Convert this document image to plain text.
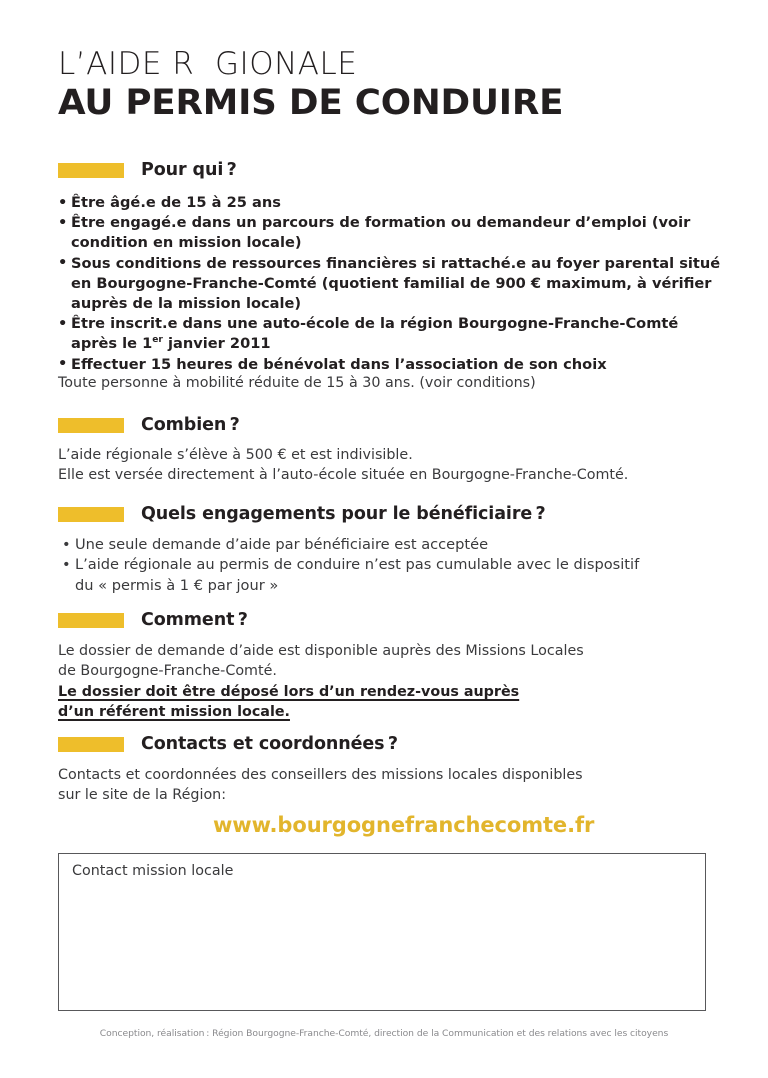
L’AIDE R  GIONALE
AU PERMIS DE CONDUIRE
Pour qui ?
• Être âgé.e de 15 à 25 ans
• Être engagé.e dans un parcours de formation ou demandeur d’emploi (voir condition en mission locale)
• Sous conditions de ressources financières si rattaché.e au foyer parental situé en Bourgogne-Franche-Comté (quotient familial de 900 € maximum, à vérifier auprès de la mission locale)
• Être inscrit.e dans une auto-école de la région Bourgogne-Franche-Comté après le 1er janvier 2011
• Effectuer 15 heures de bénévolat dans l’association de son choix
Toute personne à mobilité réduite de 15 à 30 ans. (voir conditions)
Combien ?
L’aide régionale s’élève à 500 € et est indivisible.
Elle est versée directement à l’auto-école située en Bourgogne-Franche-Comté.
Quels engagements pour le bénéficiaire ?
• Une seule demande d’aide par bénéficiaire est acceptée
• L’aide régionale au permis de conduire n’est pas cumulable avec le dispositif du « permis à 1 € par jour »
Comment ?
Le dossier de demande d’aide est disponible auprès des Missions Locales
de Bourgogne-Franche-Comté.
Le dossier doit être déposé lors d’un rendez-vous auprès
d’un référent mission locale.
Contacts et coordonnées ?
Contacts et coordonnées des conseillers des missions locales disponibles
sur le site de la Région:
www.bourgognefranchecomte.fr
Contact mission locale
Conception, réalisation : Région Bourgogne-Franche-Comté, direction de la Communication et des relations avec les citoyens
